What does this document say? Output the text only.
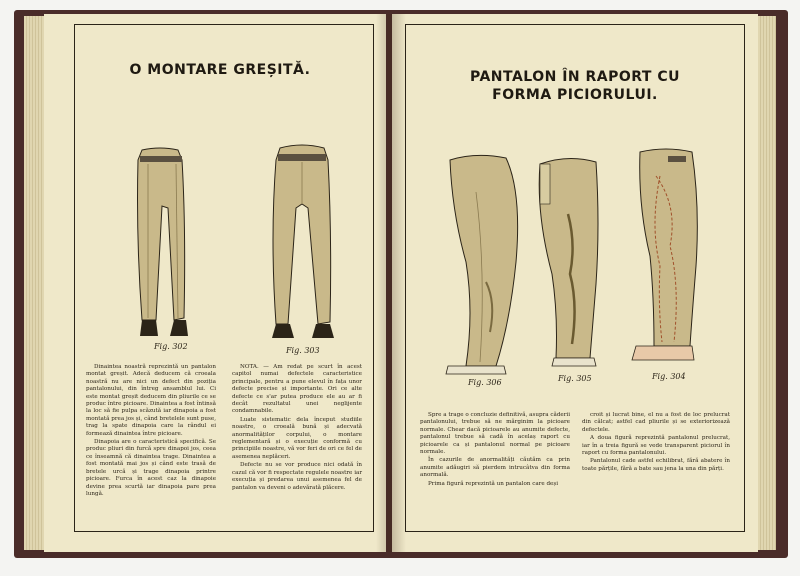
O MONTARE GREȘITĂ.
Fig. 302	Fig. 303

Dinaintea noastră reprezintă un pantalon montat greșit. Adecă deducem că croeala noastră nu are nici un defect din poziția pantalonului, din întreg ansamblul lui. Ci este montat greșit deducem din pliurile ce se produc între picioare. Dinaintea a fost întinsă la loc să fie pulpa scăzută iar dinapoia a fost montată prea jos și, când bretelele sunt puse, trag la spate dinapoia care la rândul ei formează dinaintea între picioare.

Dinapoia are o caracteristică specifică. Se produc pliuri din furcă spre dinapoi jos, ceea ce înseamnă că dinaintea trage. Dinaintea a fost montată mai jos și când este trasă de bretele urcă și trage dinapoia printre picioare. Furca în acest caz la dinapoie devine prea scurtă iar dinapoia pare prea lungă.

NOTA. — Am redat pe scurt în acest capitol numai defectele caracteristice principale, pentru a pune elevul în fața unor defecte precise și importante. Ori ce alte defecte ce s'ar putea produce ele au ar fi decât rezultatul unei neglijente condamnabile.

Luate sistematic dela început studiile noastre, o croeală bună și adecvată anormalităților corpului, o montare reglementară și o execuție conformă cu principiile noastre, vă vor feri de ori ce fel de asemenea neplăceri.

Defecte nu se vor produce nici odată în cazul că vor fi respectate regulele noastre iar execuția și predarea unui asemenea fel de pantalon va deveni o adevărată plăcere.

PANTALON ÎN RAPORT CU
FORMA PICIORULUI.
Fig. 306	Fig. 305	Fig. 304

Spre a trage o concluzie definitivă, asupra căderii pantalonului, trebue să ne mărginim la picioare normale. Chear dacă picioarele au anumite defecte, pantalonul trebue să cadă în acelaș raport cu picioarele ca și pantalonul normal pe picioare normale.

În cazurile de anormalități căutăm ca prin anumite adăugiri să pierdem intrucâtva din forma anormală.

Prima figură reprezintă un pantalon care deși

croit și lucrat bine, el nu a fost de loc prelucrat din călcat; astfel cad pliurile și se exteriorizează defectele.

A doua figură reprezintă pantalonul prelucrat, iar în a treia figură se vede transparent piciorul în raport cu forma pantalonului.

Pantalonul cade astfel echilibrat, fără abatere în toate părțile, fără a bate sau jena la una din părți.
